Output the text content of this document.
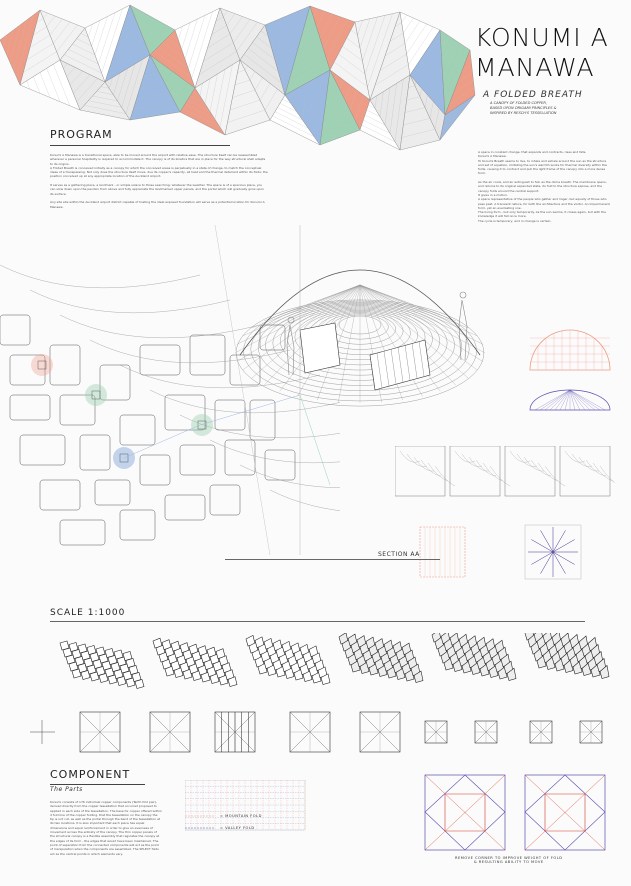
KONUMI A
MANAWA
A FOLDED BREATH
A CANOPY OF FOLDED COPPER,
BASED UPON ORIGAMI PRINCIPLES &
INSPIRED BY RESCH'S TESSELLATION
PROGRAM
Konumi A Manawa is a transitional space, able to be moved around the airport with relative ease. The structure itself can be reassembled wherever a personal hospitality is required to accommodate it. The canopy is of its kinetics that are in place for the way structural shell adapts to its origins.
A Folded Breath is conceived initially as a canopy for which the conceived areas is perpetually in a state of change, to match the conceptual ideas of a transpassing. Not only does the structure itself move, due its copper's capacity, all heat and the thermal deterrent within its folds; the position conceived up at any appropriate location of the Auckland Airport.

It serves as a gathering place, a landmark - or simple solace to those searching; whatever the weather. The space is of a spacious place, you can slow down upon the pavilion from above and fully appreciate the landmarked upper panels, and the portal which will gradually grow upon its surface.

Any site site within the Auckland airport district capable of hosting the ideal exposed foundation will serve as a potential location for Konumi A Manawa.
A space in constant change, that expands and contracts, rises and falls.
Konumi A Manawa.
To Konumi Breath seems to live, to inhale and exhale around the sun as the structure and set of equation, imitating the sun's warmth works for thermal diversity within the folds, causing it to contract and pull the light frame of the canopy into a more dense form.

As the air cools, and air extinguish to fall, as the dome breath. The membrane opens, and returns to its original expanded state, its fold to the structure expose, and the canopy folds around the central support.
It gives in a motion.
A space representative of the people who gather and linger, but equally of those who pass past. A transient nature, for both the architecture and the visitor. An impermanent form, yet an everlasting one.
The living form - but only temporarily. As the sun warms, it closes again, but with the knowledge it will fall once more.
The cycle is temporary, and in change is certain.
SECTION AA
SCALE 1:1000
COMPONENT
The Parts
Konumi consists of 176 individual copper components (Tenth fold pair), derived directly from the copper tessellation that occurred proposed to applied in each side of the tessellation. The base for copper offered within 4 fold line of the copper folding, that the tessellation on the canopy the tip is not cut, as well as the portal through the bend of the tessellation at its two locations. It is also important that each piece has equal dimensions and equal reinforcement in order to give an evenness of movement across the entirety of the canopy. The thin copper panels of the structural canopy is a flexible assembly that regulates the canopy at the edges of its form - the edges that would have been maintained. The point of separation from the connected components will act as the point of manipulation when the components are assembled. The SELECT folds act as the central points in which elements vary.
= MOUNTAIN FOLD
= VALLEY FOLD
REMOVE CORNER TO IMPROVE WEIGHT OF FOLD
& RESULTING ABILITY TO MOVE
